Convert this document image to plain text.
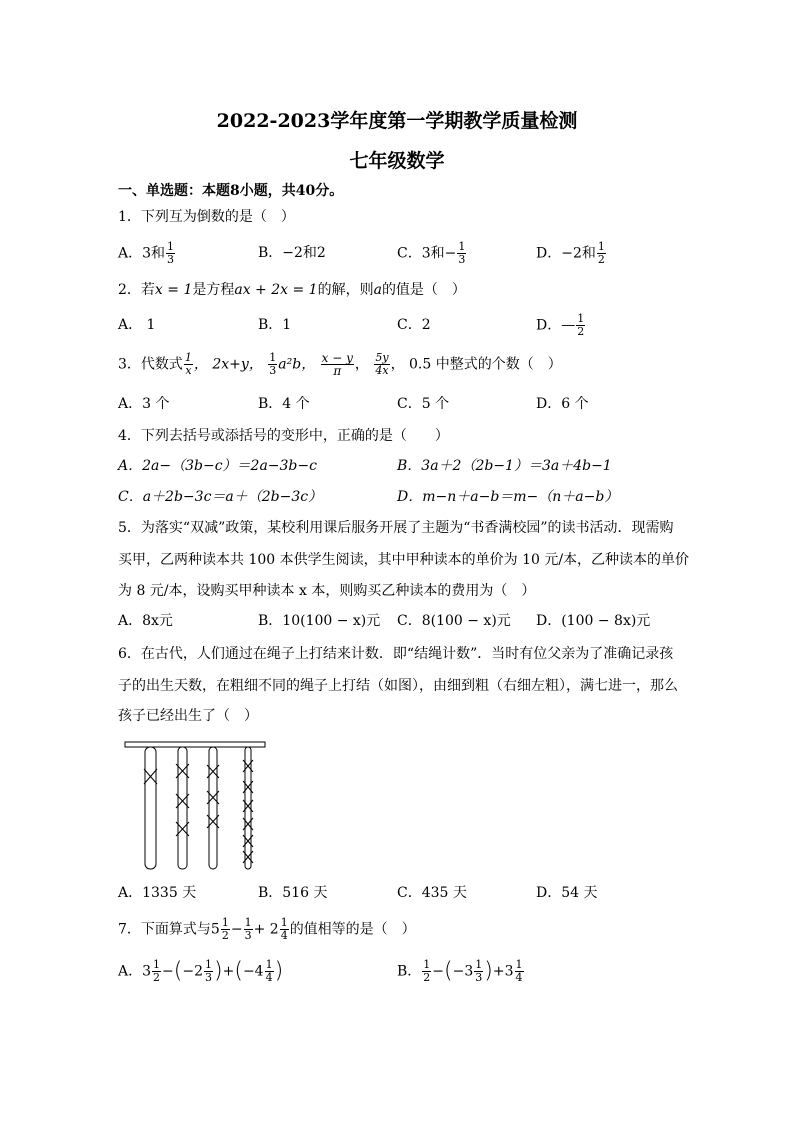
2022-2023学年度第一学期教学质量检测
七年级数学
一、单选题：本题8小题，共40分。
1．下列互为倒数的是（　）
A．3和 $\frac{1}{3}$	B．−2和2	C．3和− $\frac{1}{3}$	D．−2和 $\frac{1}{2}$
2．若x = 1是方程ax + 2x = 1的解，则a的值是（　）
A． 1	B．1	C．2	D．— $\frac{1}{2}$
3．代数式 $\frac{1}{x}$ ， 2x+y， $\frac{1}{3} a^2b$， $\frac{x - y}{\pi}$ ， $\frac{5y}{4x}$ ， 0.5 中整式的个数（　）
A．3 个	B．4 个	C．5 个	D．6 个
4．下列去括号或添括号的变形中，正确的是（　　）
A．2a−（3b−c）＝2a−3b−c	B．3a＋2（2b−1）＝3a＋4b−1
C．a＋2b−3c＝a＋（2b−3c）	D．m−n＋a−b＝m−（n＋a−b）
5．为落实“双减”政策，某校利用课后服务开展了主题为“书香满校园”的读书活动．现需购
买甲，乙两种读本共 100 本供学生阅读，其中甲种读本的单价为 10 元/本，乙种读本的单价
为 8 元/本，设购买甲种读本 x 本，则购买乙种读本的费用为（　）
A．8x元	B．10(100 − x)元 C．8(100 − x)元 D．(100 − 8x)元
6．在古代，人们通过在绳子上打结来计数．即“结绳计数”．当时有位父亲为了准确记录孩
子的出生天数，在粗细不同的绳子上打结（如图），由细到粗（右细左粗），满七进一，那么
孩子已经出生了（　）
A．1335 天	B．516 天	C．435 天	D．54 天
7．下面算式与$5 \frac{1}{2} - \frac{1}{3} + 2 \frac{1}{4}$ 的值相等的是（　）
A．$3 \frac{1}{2} -(-2 \frac{1}{3} )+(-4 \frac{1}{4}$ )	B． $\frac{1}{2} -(-3 \frac{1}{3} )+3 \frac{1}{4}$
